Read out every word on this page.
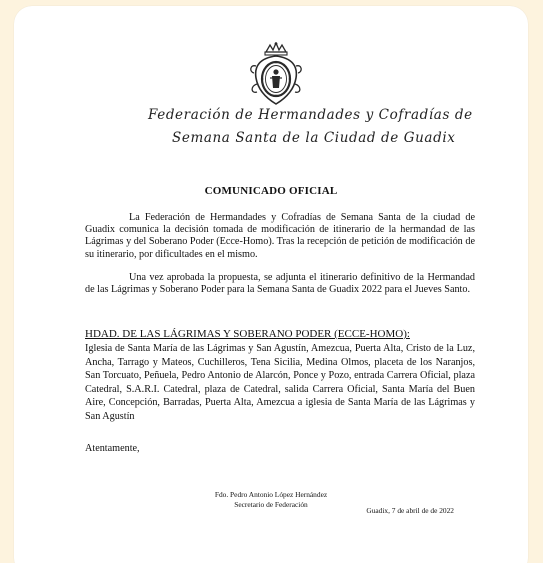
Federación de Hermandades y Cofradías de
Semana Santa de la Ciudad de Guadix
COMUNICADO OFICIAL
La Federación de Hermandades y Cofradías de Semana Santa de la ciudad de Guadix comunica la decisión tomada de modificación de itinerario de la hermandad de las Lágrimas y del Soberano Poder (Ecce-Homo). Tras la recepción de petición de modificación de su itinerario, por dificultades en el mismo.
Una vez aprobada la propuesta, se adjunta el itinerario definitivo de la Hermandad de las Lágrimas y Soberano Poder para la Semana Santa de Guadix 2022 para el Jueves Santo.
HDAD. DE LAS LÁGRIMAS Y SOBERANO PODER (ECCE-HOMO):
Iglesia de Santa María de las Lágrimas y San Agustín, Amezcua, Puerta Alta, Cristo de la Luz, Ancha, Tarrago y Mateos, Cuchilleros, Tena Sicilia, Medina Olmos, placeta de los Naranjos, San Torcuato, Peñuela, Pedro Antonio de Alarcón, Ponce y Pozo, entrada Carrera Oficial, plaza Catedral, S.A.R.I. Catedral, plaza de Catedral, salida Carrera Oficial, Santa María del Buen Aire, Concepción, Barradas, Puerta Alta, Amezcua a iglesia de Santa María de las Lágrimas y San Agustín
Atentamente,
Fdo. Pedro Antonio López Hernández
Secretario de Federación
Guadix, 7 de abril de de 2022
